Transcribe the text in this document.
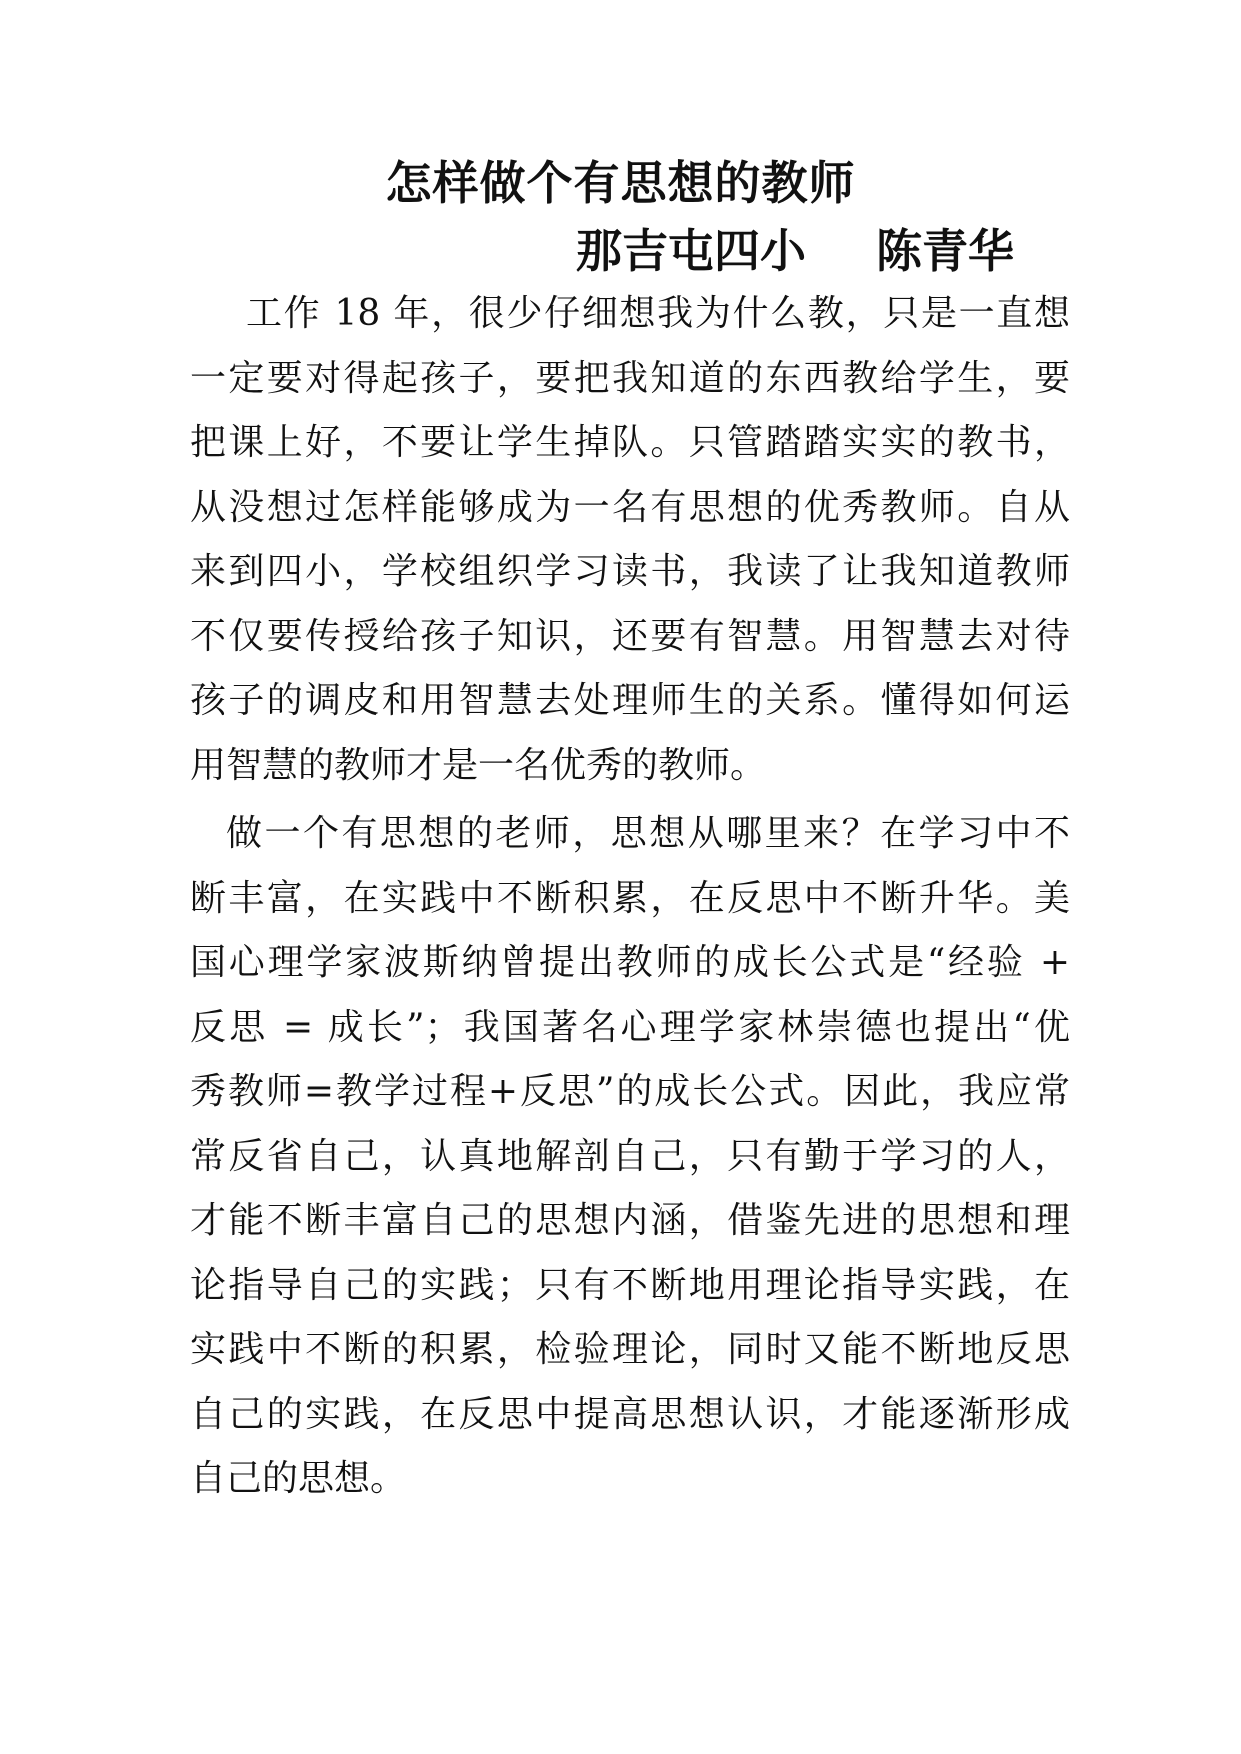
怎样做个有思想的教师
那吉屯四小 陈青华
工作 18 年，很少仔细想我为什么教，只是一直想
一定要对得起孩子，要把我知道的东西教给学生，要
把课上好，不要让学生掉队。只管踏踏实实的教书，
从没想过怎样能够成为一名有思想的优秀教师。自从
来到四小，学校组织学习读书，我读了让我知道教师
不仅要传授给孩子知识，还要有智慧。用智慧去对待
孩子的调皮和用智慧去处理师生的关系。懂得如何运
用智慧的教师才是一名优秀的教师。
做一个有思想的老师，思想从哪里来？在学习中不
断丰富，在实践中不断积累，在反思中不断升华。美
国心理学家波斯纳曾提出教师的成长公式是“经验 +
反思 = 成长”；我国著名心理学家林崇德也提出“优
秀教师=教学过程+反思”的成长公式。因此，我应常
常反省自己，认真地解剖自己，只有勤于学习的人，
才能不断丰富自己的思想内涵，借鉴先进的思想和理
论指导自己的实践；只有不断地用理论指导实践，在
实践中不断的积累，检验理论，同时又能不断地反思
自己的实践，在反思中提高思想认识，才能逐渐形成
自己的思想。
